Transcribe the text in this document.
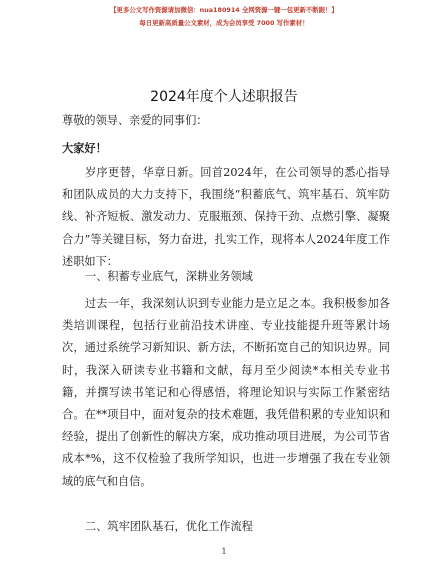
【更多公文写作资源请加微信：nua180914 全网资源一键一包更新不断跟！】
每日更新高质量公文素材，成为会员享受 7000 写作素材！
2024年度个人述职报告
尊敬的领导、亲爱的同事们：
大家好！
岁序更替，华章日新。回首2024年，在公司领导的悉心指导和团队成员的大力支持下，我围绕“积蓄底气、筑牢基石、筑牢防线、补齐短板、激发动力、克服瓶颈、保持干劲、点燃引擎、凝聚合力”等关键目标，努力奋进，扎实工作，现将本人2024年度工作述职如下：
一、积蓄专业底气，深耕业务领域
过去一年，我深刻认识到专业能力是立足之本。我积极参加各类培训课程，包括行业前沿技术讲座、专业技能提升班等累计场次，通过系统学习新知识、新方法，不断拓宽自己的知识边界。同时，我深入研读专业书籍和文献，每月至少阅读*本相关专业书籍，并撰写读书笔记和心得感悟，将理论知识与实际工作紧密结合。在**项目中，面对复杂的技术难题，我凭借积累的专业知识和经验，提出了创新性的解决方案，成功推动项目进展，为公司节省成本*%，这不仅检验了我所学知识，也进一步增强了我在专业领域的底气和自信。
二、筑牢团队基石，优化工作流程
1
